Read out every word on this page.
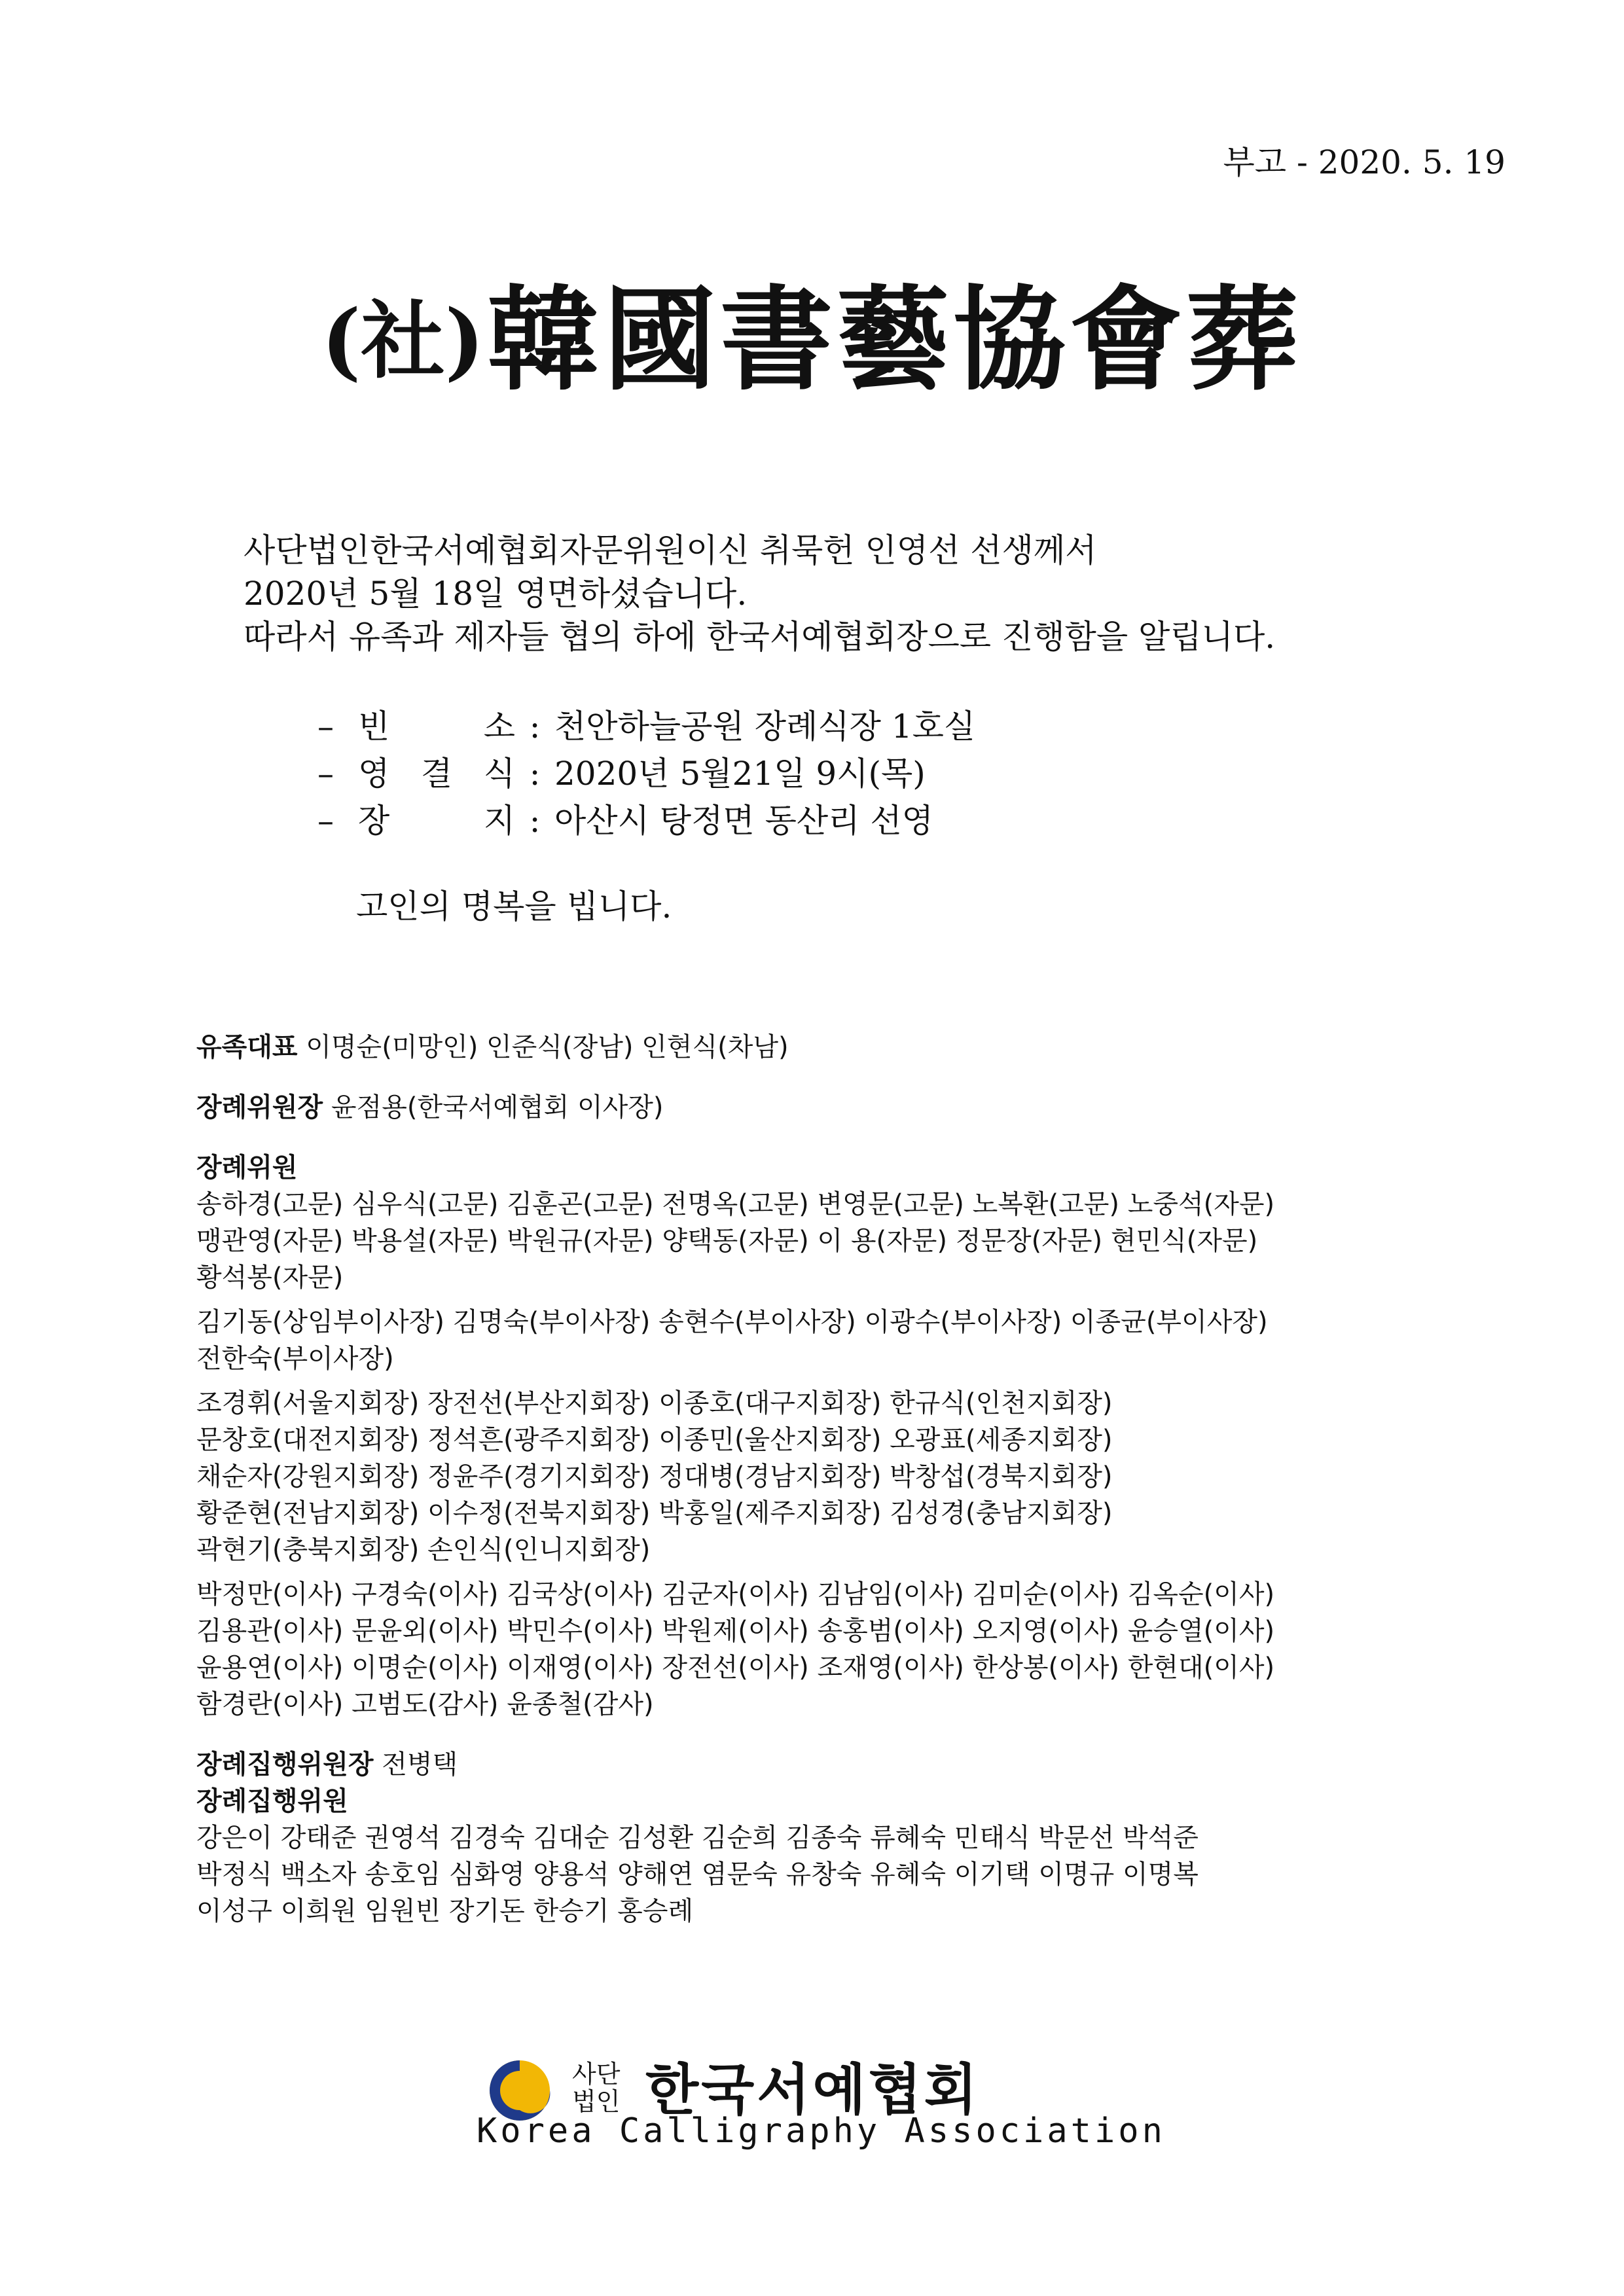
부고 - 2020. 5. 19
(社)韓國書藝協會葬
사단법인한국서예협회자문위원이신 취묵헌 인영선 선생께서
2020년 5월 18일 영면하셨습니다.
따라서 유족과 제자들 협의 하에 한국서예협회장으로 진행함을 알립니다.
– 빈	소 : 천안하늘공원 장례식장 1호실
– 영 결 식 : 2020년 5월21일 9시(목)
– 장	지 : 아산시 탕정면 동산리 선영
고인의 명복을 빕니다.
유족대표 이명순(미망인) 인준식(장남) 인현식(차남)
장례위원장 윤점용(한국서예협회 이사장)
장례위원
송하경(고문) 심우식(고문) 김훈곤(고문) 전명옥(고문) 변영문(고문) 노복환(고문) 노중석(자문)
맹관영(자문) 박용설(자문) 박원규(자문) 양택동(자문) 이 용(자문) 정문장(자문) 현민식(자문)
황석봉(자문)
김기동(상임부이사장) 김명숙(부이사장) 송현수(부이사장) 이광수(부이사장) 이종균(부이사장)
전한숙(부이사장)
조경휘(서울지회장) 장전선(부산지회장) 이종호(대구지회장) 한규식(인천지회장)
문창호(대전지회장) 정석흔(광주지회장) 이종민(울산지회장) 오광표(세종지회장)
채순자(강원지회장) 정윤주(경기지회장) 정대병(경남지회장) 박창섭(경북지회장)
황준현(전남지회장) 이수정(전북지회장) 박홍일(제주지회장) 김성경(충남지회장)
곽현기(충북지회장) 손인식(인니지회장)
박정만(이사) 구경숙(이사) 김국상(이사) 김군자(이사) 김남임(이사) 김미순(이사) 김옥순(이사)
김용관(이사) 문윤외(이사) 박민수(이사) 박원제(이사) 송홍범(이사) 오지영(이사) 윤승열(이사)
윤용연(이사) 이명순(이사) 이재영(이사) 장전선(이사) 조재영(이사) 한상봉(이사) 한현대(이사)
함경란(이사) 고범도(감사) 윤종철(감사)
장례집행위원장 전병택
장례집행위원
강은이 강태준 권영석 김경숙 김대순 김성환 김순희 김종숙 류혜숙 민태식 박문선 박석준
박정식 백소자 송호임 심화영 양용석 양해연 염문숙 유창숙 유혜숙 이기택 이명규 이명복
이성구 이희원 임원빈 장기돈 한승기 홍승례
사단
법인 한국서예협회
Korea Calligraphy Association
